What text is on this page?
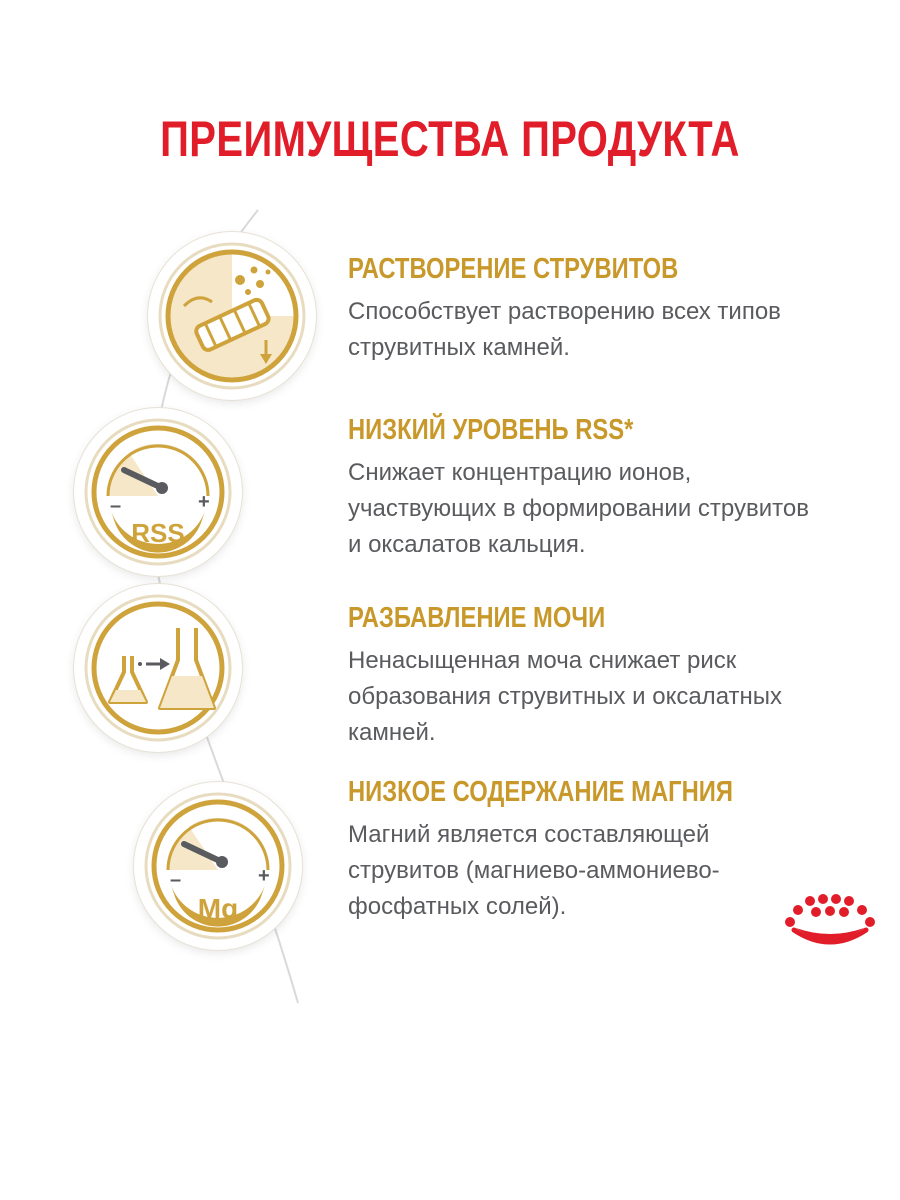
ПРЕИМУЩЕСТВА ПРОДУКТА
–	+
RSS
–	+
Mg
РАСТВОРЕНИЕ СТРУВИТОВ
Способствует растворению всех типов
струвитных камней.
НИЗКИЙ УРОВЕНЬ RSS*
Снижает концентрацию ионов,
участвующих в формировании струвитов
и оксалатов кальция.
РАЗБАВЛЕНИЕ МОЧИ
Ненасыщенная моча снижает риск
образования струвитных и оксалатных
камней.
НИЗКОЕ СОДЕРЖАНИЕ МАГНИЯ
Магний является составляющей
струвитов (магниево-аммониево-
фосфатных солей).
